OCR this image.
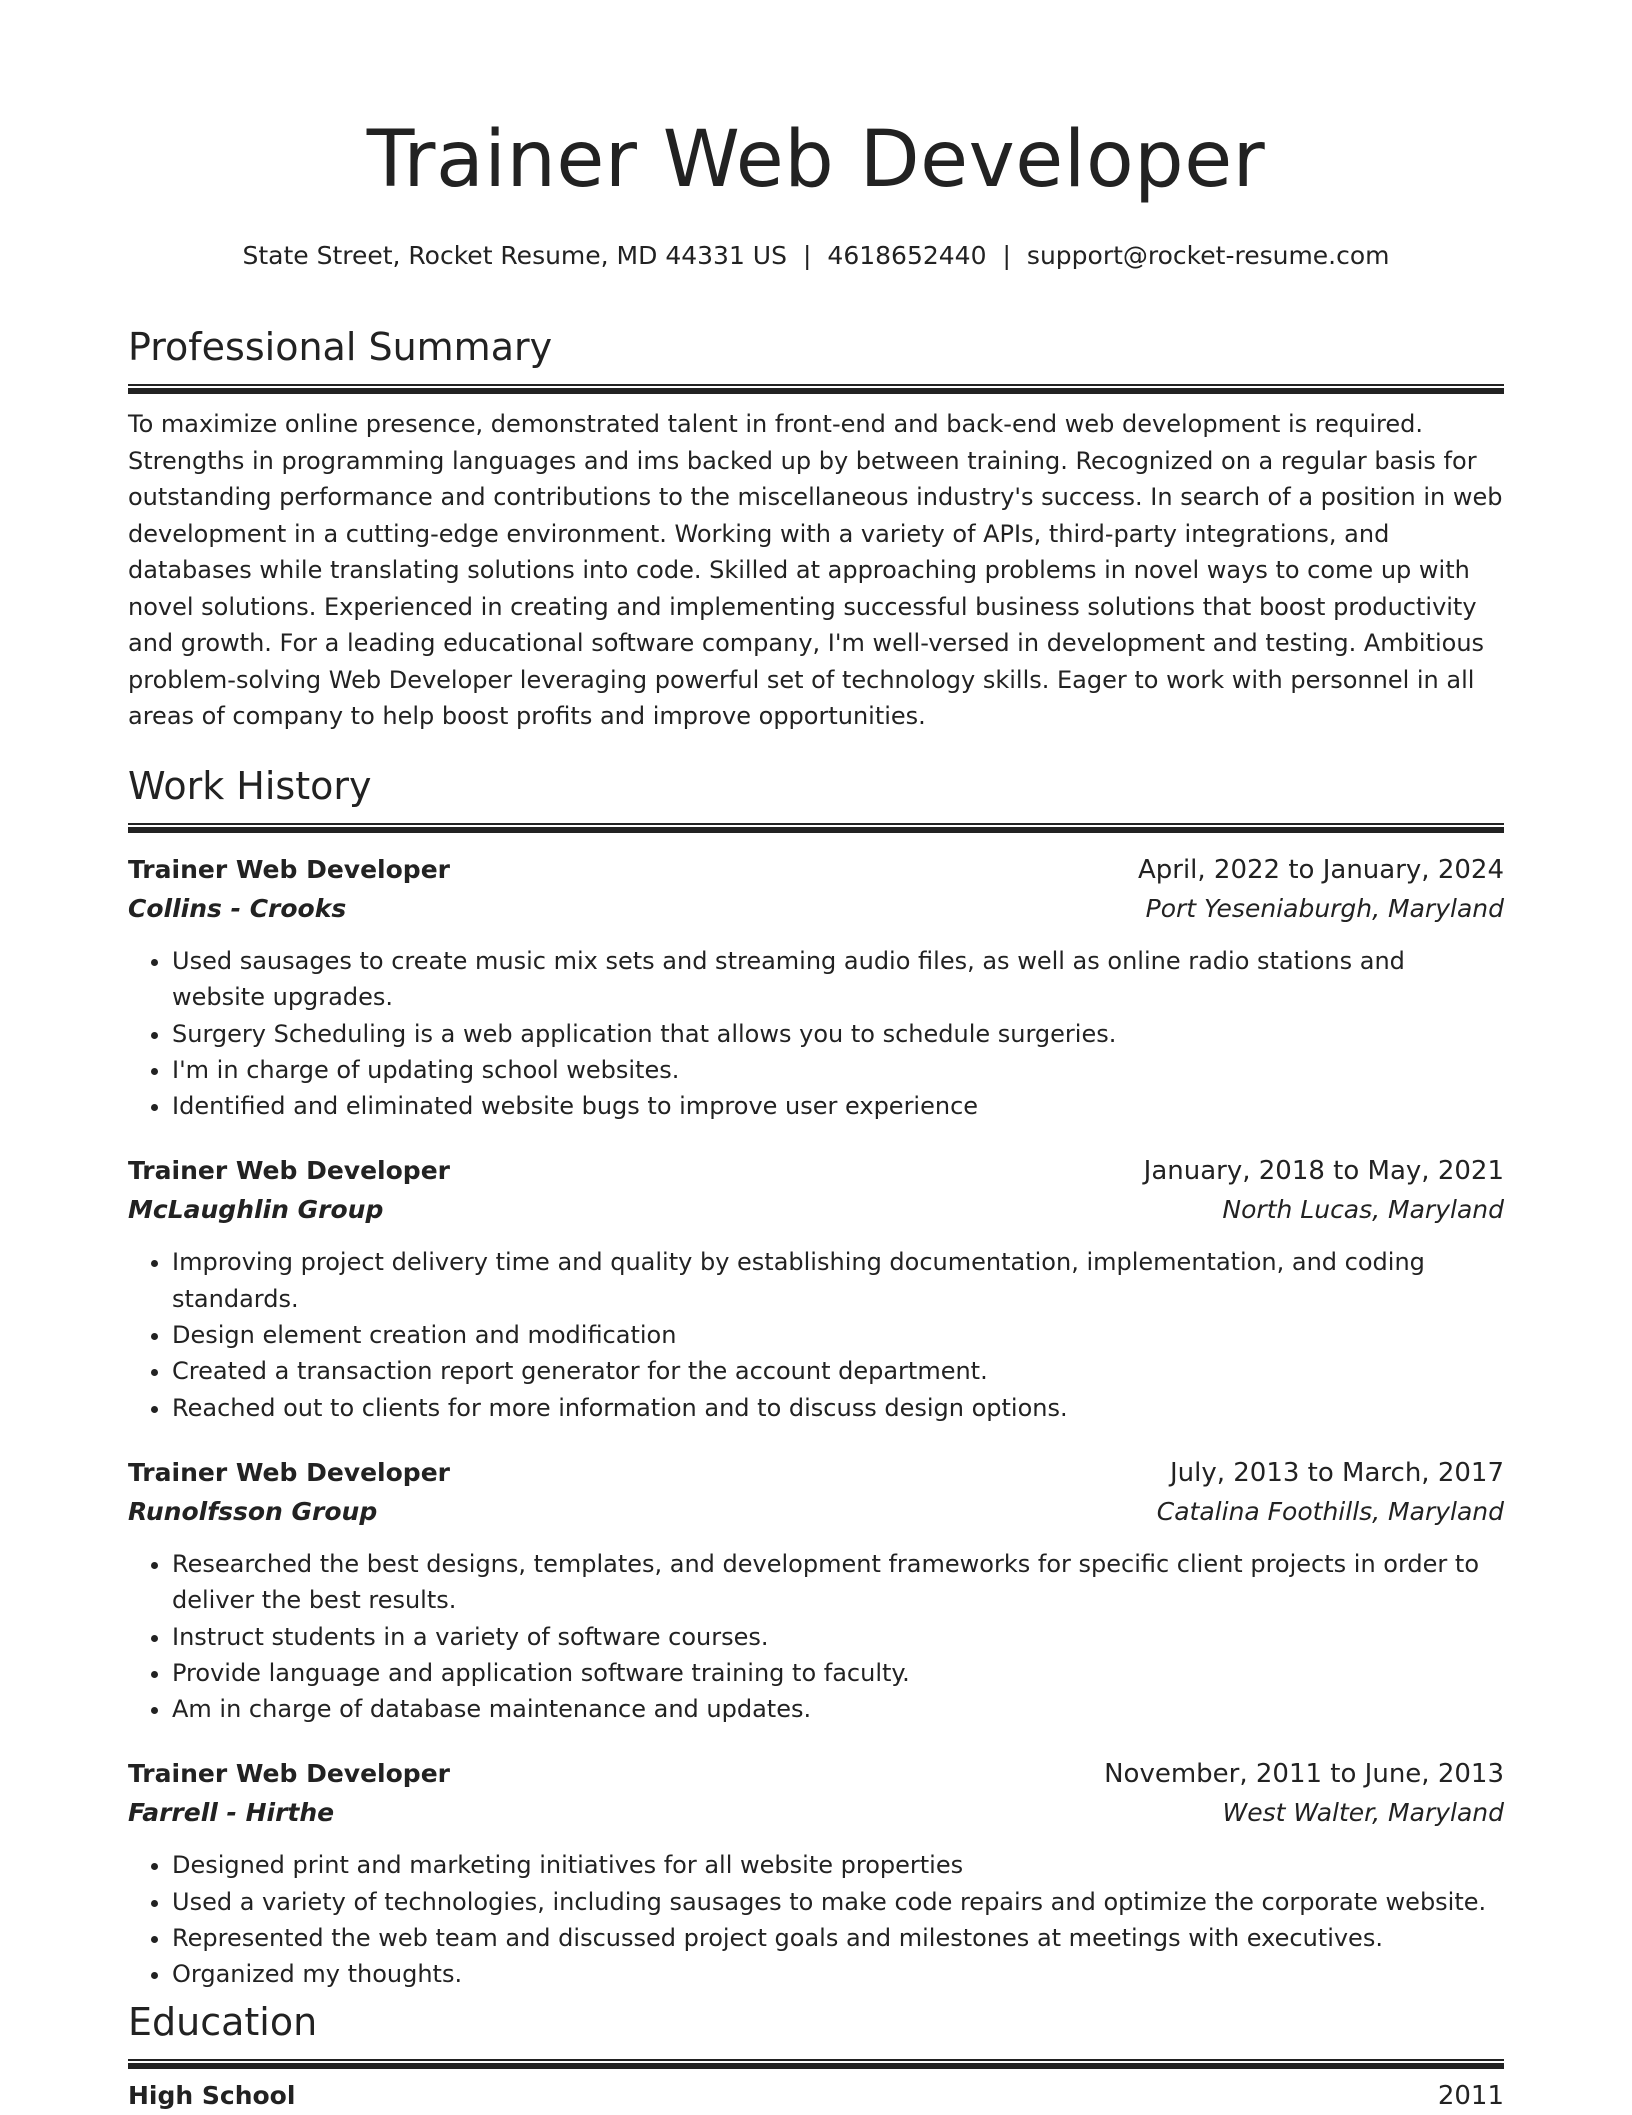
Trainer Web Developer
State Street, Rocket Resume, MD 44331 US | 4618652440 | support@rocket-resume.com
Professional Summary

To maximize online presence, demonstrated talent in front-end and back-end web development is required. Strengths in programming languages and ims backed up by between training. Recognized on a regular basis for outstanding performance and contributions to the miscellaneous industry's success. In search of a position in web development in a cutting-edge environment. Working with a variety of APIs, third-party integrations, and databases while translating solutions into code. Skilled at approaching problems in novel ways to come up with novel solutions. Experienced in creating and implementing successful business solutions that boost productivity and growth. For a leading educational software company, I'm well-versed in development and testing. Ambitious problem-solving Web Developer leveraging powerful set of technology skills. Eager to work with personnel in all areas of company to help boost profits and improve opportunities.

Work History
Trainer Web Developer	April, 2022 to January, 2024
Collins - Crooks	Port Yeseniaburgh, Maryland
• Used sausages to create music mix sets and streaming audio files, as well as online radio stations and website upgrades.
• Surgery Scheduling is a web application that allows you to schedule surgeries.
• I'm in charge of updating school websites.
• Identified and eliminated website bugs to improve user experience
Trainer Web Developer	January, 2018 to May, 2021
McLaughlin Group	North Lucas, Maryland
• Improving project delivery time and quality by establishing documentation, implementation, and coding standards.
• Design element creation and modification
• Created a transaction report generator for the account department.
• Reached out to clients for more information and to discuss design options.
Trainer Web Developer	July, 2013 to March, 2017
Runolfsson Group	Catalina Foothills, Maryland
• Researched the best designs, templates, and development frameworks for specific client projects in order to deliver the best results.
• Instruct students in a variety of software courses.
• Provide language and application software training to faculty.
• Am in charge of database maintenance and updates.
Trainer Web Developer	November, 2011 to June, 2013
Farrell - Hirthe	West Walter, Maryland
• Designed print and marketing initiatives for all website properties
• Used a variety of technologies, including sausages to make code repairs and optimize the corporate website.
• Represented the web team and discussed project goals and milestones at meetings with executives.
• Organized my thoughts.
Education
High School	2011
